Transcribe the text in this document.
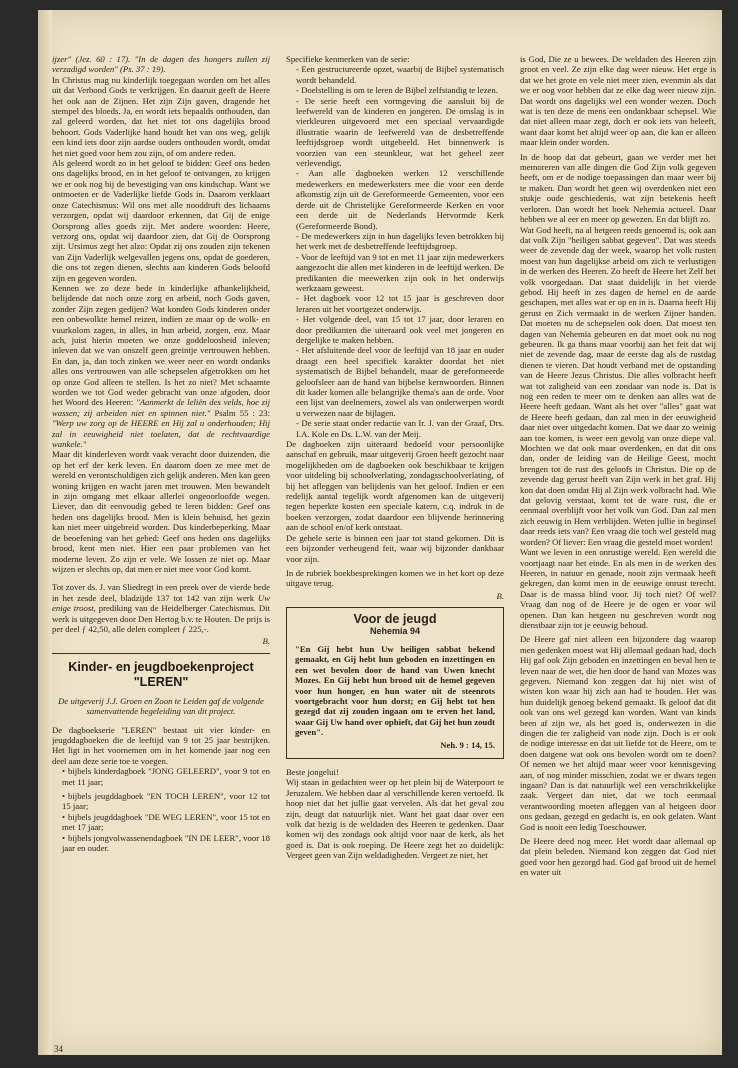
ijzer" (Jez. 60 : 17). "In de dagen des hongers zullen zij verzadigd worden" (Ps. 37 : 19).

In Christus mag nu kinderlijk toegegaan worden om het alles uit dat Verbond Gods te verkrijgen. En daaruit geeft de Heere het ook aan de Zijnen. Het zijn Zijn gaven, dragende het stempel des bloeds. Ja, en wordt iets bepaalds onthouden, dan zal geleerd worden, dat het niet tot ons dagelijks brood behoort. Gods Vaderlijke hand houdt het van ons weg, gelijk een kind iets door zijn aardse ouders onthouden wordt, omdat het niet goed voor hem zou zijn, of om andere reden.

Als geleerd wordt zo in het geloof te bidden: Geef ons heden ons dagelijks brood, en in het geloof te ontvangen, zo krijgen we er ook nog bij de bevestiging van ons kindschap. Want we ontmoeten er de Vaderlijke liefde Gods in. Daarom verklaart onze Catechismus: Wil ons met alle nooddruft des lichaams verzorgen, opdat wij daardoor erkennen, dat Gij de enige Oorsprong alles goeds zijt. Met andere woorden: Heere, verzorg ons, opdat wij daardoor zien, dat Gij de Oorsprong zijt. Ursimus zegt het alzo: Opdat zij ons zouden zijn tekenen van Zijn Vaderlijk welgevallen jegens ons, opdat de goederen, die ons tot zegen dienen, slechts aan kinderen Gods beloofd zijn en gegeven worden.

Kennen we zo deze bede in kinderlijke afhankelijkheid, belijdende dat noch onze zorg en arbeid, noch Gods gaven, zonder Zijn zegen gedijen? Wat konden Gods kinderen onder een onbewolkte hemel reizen, indien ze maar op de wolk- en vuurkolom zagen, in alles, in hun arbeid, zorgen, enz. Maar ach, juist hierin moeten we onze goddeloosheid inleven; inleven dat we van onszelf geen greintje vertrouwen hebben. En dan, ja, dan toch zinken we weer neer en wordt ondanks alles ons vertrouwen van alle schepselen afgetrokken om het op onze God alleen te stellen. Is het zo niet? Met schaamte worden we tot God weder gebracht van onze afgoden, door het Woord des Heeren: "Aanmerkt de leliën des velds, hoe zij wassen; zij arbeiden niet en spinnen niet." Psalm 55 : 23: "Werp uw zorg op de HEERE en Hij zal u onderhouden; Hij zal in eeuwigheid niet toelaten, dat de rechtvaardige wankele."

Maar dit kinderleven wordt vaak veracht door duizenden, die op het erf der kerk leven. En daarom doen ze mee met de wereld en verontschuldigen zich gelijk anderen. Men kan geen woning krijgen en wacht jaren met trouwen. Men bewandelt in zijn omgang met elkaar allerlei ongeoorloofde wegen. Liever, dan dit eenvoudig gebed te leren bidden: Geef ons heden ons dagelijks brood. Men is klein behuisd, het gezin kan niet meer uitgebreid worden. Dus kinderbeperking. Maar de beoefening van het gebed: Geef ons heden ons dagelijks brood, kent men niet. Hier een paar problemen van het moderne leven. Zo zijn er vele. We lossen ze niet op. Maar wijzen er slechts op, dat men er niet mee voor God komt.

Tot zover ds. J. van Sliedregt in een preek over de vierde bede in het zesde deel, bladzijde 137 tot 142 van zijn werk Uw enige troost, prediking van de Heidelberger Catechismus. Dit werk is uitgegeven door Den Hertog b.v. te Houten. De prijs is per deel ƒ 42,50, alle delen compleet ƒ 225,-.

B.
Kinder- en jeugdboekenproject
"LEREN"
De uitgeverij J.J. Groen en Zoon te Leiden gaf de volgende samenvattende begeleiding van dit project.

De dagboekserie "LEREN" bestaat uit vier kinder- en jeugddagboeken die de leeftijd van 9 tot 25 jaar bestrijken. Het ligt in het voornemen om in het komende jaar nog een deel aan deze serie toe te voegen.

• bijbels kinderdagboek "JONG GELEERD", voor 9 tot en met 11 jaar;

• bijbels jeugddagboek "EN TOCH LEREN", voor 12 tot 15 jaar;

• bijbels jeugddagboek "DE WEG LEREN", voor 15 tot en met 17 jaar;

• bijbels jongvolwassenendagboek "IN DE LEER", voor 18 jaar en ouder.

Specifieke kenmerken van de serie:

- Een gestructureerde opzet, waarbij de Bijbel systematisch wordt behandeld.

- Doelstelling is om te leren de Bijbel zelfstandig te lezen.

- De serie heeft een vormgeving die aansluit bij de leefwereld van de kinderen en jongeren. De omslag is in vierkleuren uitgevoerd met een speciaal vervaardigde illustratie waarin de leefwereld van de desbetreffende leeftijdsgroep wordt uitgebeeld. Het binnenwerk is voorzien van een steunkleur, wat het geheel zeer verlevendigt.

- Aan alle dagboeken werken 12 verschillende medewerkers en medewerksters mee die voor een derde afkomstig zijn uit de Gereformeerde Gemeenten, voor een derde uit de Christelijke Gereformeerde Kerken en voor een derde uit de Nederlands Hervormde Kerk (Gereformeerde Bond).

- De medewerkers zijn in hun dagelijks leven betrokken bij het werk met de desbetreffende leeftijdsgroep.

- Voor de leeftijd van 9 tot en met 11 jaar zijn medewerkers aangezocht die allen met kinderen in de leeftijd werken. De predikanten die meewerken zijn ook in het onderwijs werkzaam geweest.

- Het dagboek voor 12 tot 15 jaar is geschreven door leraren uit het voortgezet onderwijs.

- Het volgende deel, van 15 tot 17 jaar, door leraren en door predikanten die uiteraard ook veel met jongeren en dergelijke te maken hebben.

- Het afsluitende deel voor de leeftijd van 18 jaar en ouder draagt een heel specifiek karakter doordat het niet systematisch de Bijbel behandelt, maar de gereformeerde geloofsleer aan de hand van bijbelse kernwoorden. Binnen dit kader komen alle belangrijke thema's aan de orde. Voor een lijst van deelnemers, zowel als van onderwerpen wordt u verwezen naar de bijlagen.

- De serie staat onder redactie van Ir. J. van der Graaf, Drs. I.A. Kole en Ds. L.W. van der Meij.

De dagboeken zijn uiteraard bedoeld voor persoonlijke aanschaf en gebruik, maar uitgeverij Groen heeft gezocht naar mogelijkheden om de dagboeken ook beschikbaar te krijgen voor uitdeling bij schoolverlating, zondagsschoolverlating, of bij het afleggen van belijdenis van het geloof. Indien er een redelijk aantal tegelijk wordt afgenomen kan de uitgeverij tegen beperkte kosten een speciale katern, c.q. indruk in de boeken verzorgen, zodat daardoor een blijvende herinnering aan de school en/of kerk ontstaat.

De gehele serie is binnen een jaar tot stand gekomen. Dit is een bijzonder verheugend feit, waar wij bijzonder dankbaar voor zijn.

In de rubriek boekbesprekingen komen we in het kort op deze uitgave terug.

B.
Voor de jeugd
Nehemia 94

"En Gij hebt hun Uw heiligen sabbat bekend gemaakt, en Gij hebt hun geboden en inzettingen en een wet bevolen door de hand van Uwen knecht Mozes. En Gij hebt hun brood uit de hemel gegeven voor hun honger, en hun water uit de steenrots voortgebracht voor hun dorst; en Gij hebt tot hen gezegd dat zij zouden ingaan om te erven het land, waar Gij Uw hand over ophieft, dat Gij het hun zoudt geven".

Neh. 9 : 14, 15.

Beste jongelui!

Wij staan in gedachten weer op het plein bij de Waterpoort te Jeruzalem. We hebben daar al verschillende keren vertoefd. Ik hoop niet dat het jullie gaat vervelen. Als dat het geval zou zijn, deugt dat natuurlijk niet. Want het gaat daar over een volk dat bezig is de weldaden des Heeren te gedenken. Daar komen wij des zondags ook altijd voor naar de kerk, als het goed is. Dat is ook roeping. De Heere zegt het zo duidelijk: Vergeet geen van Zijn weldadigheden. Vergeet ze niet, het

is God, Die ze u bewees. De weldaden des Heeren zijn groot en veel. Ze zijn elke dag weer nieuw. Het erge is dat we het grote en vele niet meer zien, evenmin als dat we er oog voor hebben dat ze elke dag weer nieuw zijn. Dat wordt ons dagelijks wel een wonder wezen. Doch wat is ten deze de mens een ondankbaar schepsel. Wie dat niet alleen maar zegt, doch er ook iets van beleeft, want daar komt het altijd weer op aan, die kan er alleen maar klein onder worden.

In de hoop dat dat gebeurt, gaan we verder met het memoreren van alle dingen die God Zijn volk gegeven heeft, om er de nodige toepassingen dan maar weer bij te maken. Dan wordt het geen wij overdenken niet een stukje oude geschiedenis, wat zijn betekenis heeft verloren. Dan wordt het boek Nehemia actueel. Daar hebben we al eer en meer op gewezen. En dat blijft zo.

Wat God heeft, na al hetgeen reeds genoemd is, ook aan dat volk Zijn "heiligen sabbat gegeven". Dat was steeds weer de zevende dag der week, waarop het volk rusten moest van hun dagelijkse arbeid om zich te verlustigen in de werken des Heeren. Zo heeft de Heere het Zelf het volk voorgedaan. Dat staat duidelijk in het vierde gebod. Hij heeft in zes dagen de hemel en de aarde geschapen, met alles wat er op en in is. Daarna heeft Hij gerust en Zich vermaakt in de werken Zijner handen. Dat moeten nu de schepselen ook doen. Dat moest ten dagen van Nehemia gebeuren en dat moet ook nu nog gebeuren. Ik ga thans maar voorbij aan het feit dat wij niet de zevende dag, maar de eerste dag als de rustdag dienen te vieren. Dat houdt verband met de opstanding van de Heere Jezus Christus. Die alles volbracht heeft wat tot zaligheid van een zondaar van node is. Dat is nog een reden te meer om te denken aan alles wat de Heere heeft gedaan. Want als het over "alles" gaat wat de Heere heeft gedaan, dan zal men in der eeuwigheid daar niet over uitgedacht komen. Dat we daar zo weinig aan toe komen, is weer een gevolg van onze diepe val. Mochten we dat ook maar overdenken, en dat dit ons dan, onder de leiding van de Heilige Geest, mocht brengen tot de rust des geloofs in Christus. Die op de zevende dag gerust heeft van Zijn werk in het graf. Hij kon dat doen omdat Hij al Zijn werk volbracht had. Wie dat gelovig verstaat, komt tot de ware rust, die er eenmaal overblijft voor het volk van God. Dan zal men zich eeuwig in Hem verblijden. Weten jullie in beginsel daar reeds iets van? Een vraag die toch wel gesteld mag worden? Of liever: Een vraag die gesteld moet worden!

Want we leven in een onrustige wereld. Een wereld die voortjaagt naar het einde. En als men in de werken des Heeren, in natuur en genade, nooit zijn vermaak heeft gekregen, dan komt men in de eeuwige onrust terecht. Daar is de massa blind voor. Jij toch niet? Of wel? Vraag dan nog of de Heere je de ogen er voor wil openen. Dan kan hetgeen nu geschreven wordt nog dienstbaar zijn tot je eeuwig behoud.

De Heere gaf niet alleen een bijzondere dag waarop men gedenken moest wat Hij allemaal gedaan had, doch Hij gaf ook Zijn geboden en inzettingen en beval hen te leven naar de wet, die hen door de hand van Mozes was gegeven. Niemand kon zeggen dat hij niet wist of wisten kon waar hij zich aan had te houden. Het was hun duidelijk genoeg bekend gemaakt. Ik geloof dat dit ook van ons wel gezegd kan worden. Want van kinds been af zijn we, als het goed is, onderwezen in die dingen die ter zaligheid van node zijn. Doch is er ook de nodige interesse en dat uit liefde tot de Heere, om te doen datgene wat ook ons bevolen wordt om te doen? Of nemen we het altijd maar weer voor kennisgeving aan, of nog minder misschien, zodat we er dwars tegen ingaan? Dan is dat natuurlijk wel een verschrikkelijke zaak. Vergeet dan niet, dat we toch eenmaal verantwoording moeten afleggen van al hetgeen door ons gedaan, gezegd en gedacht is, en ook gelaten. Want God is nooit een ledig Toeschouwer.

De Heere deed nog meer. Het wordt daar allemaal op dat plein beleden. Niemand kon zeggen dat God niet goed voor hen gezorgd had. God gaf brood uit de hemel en water uit

34
